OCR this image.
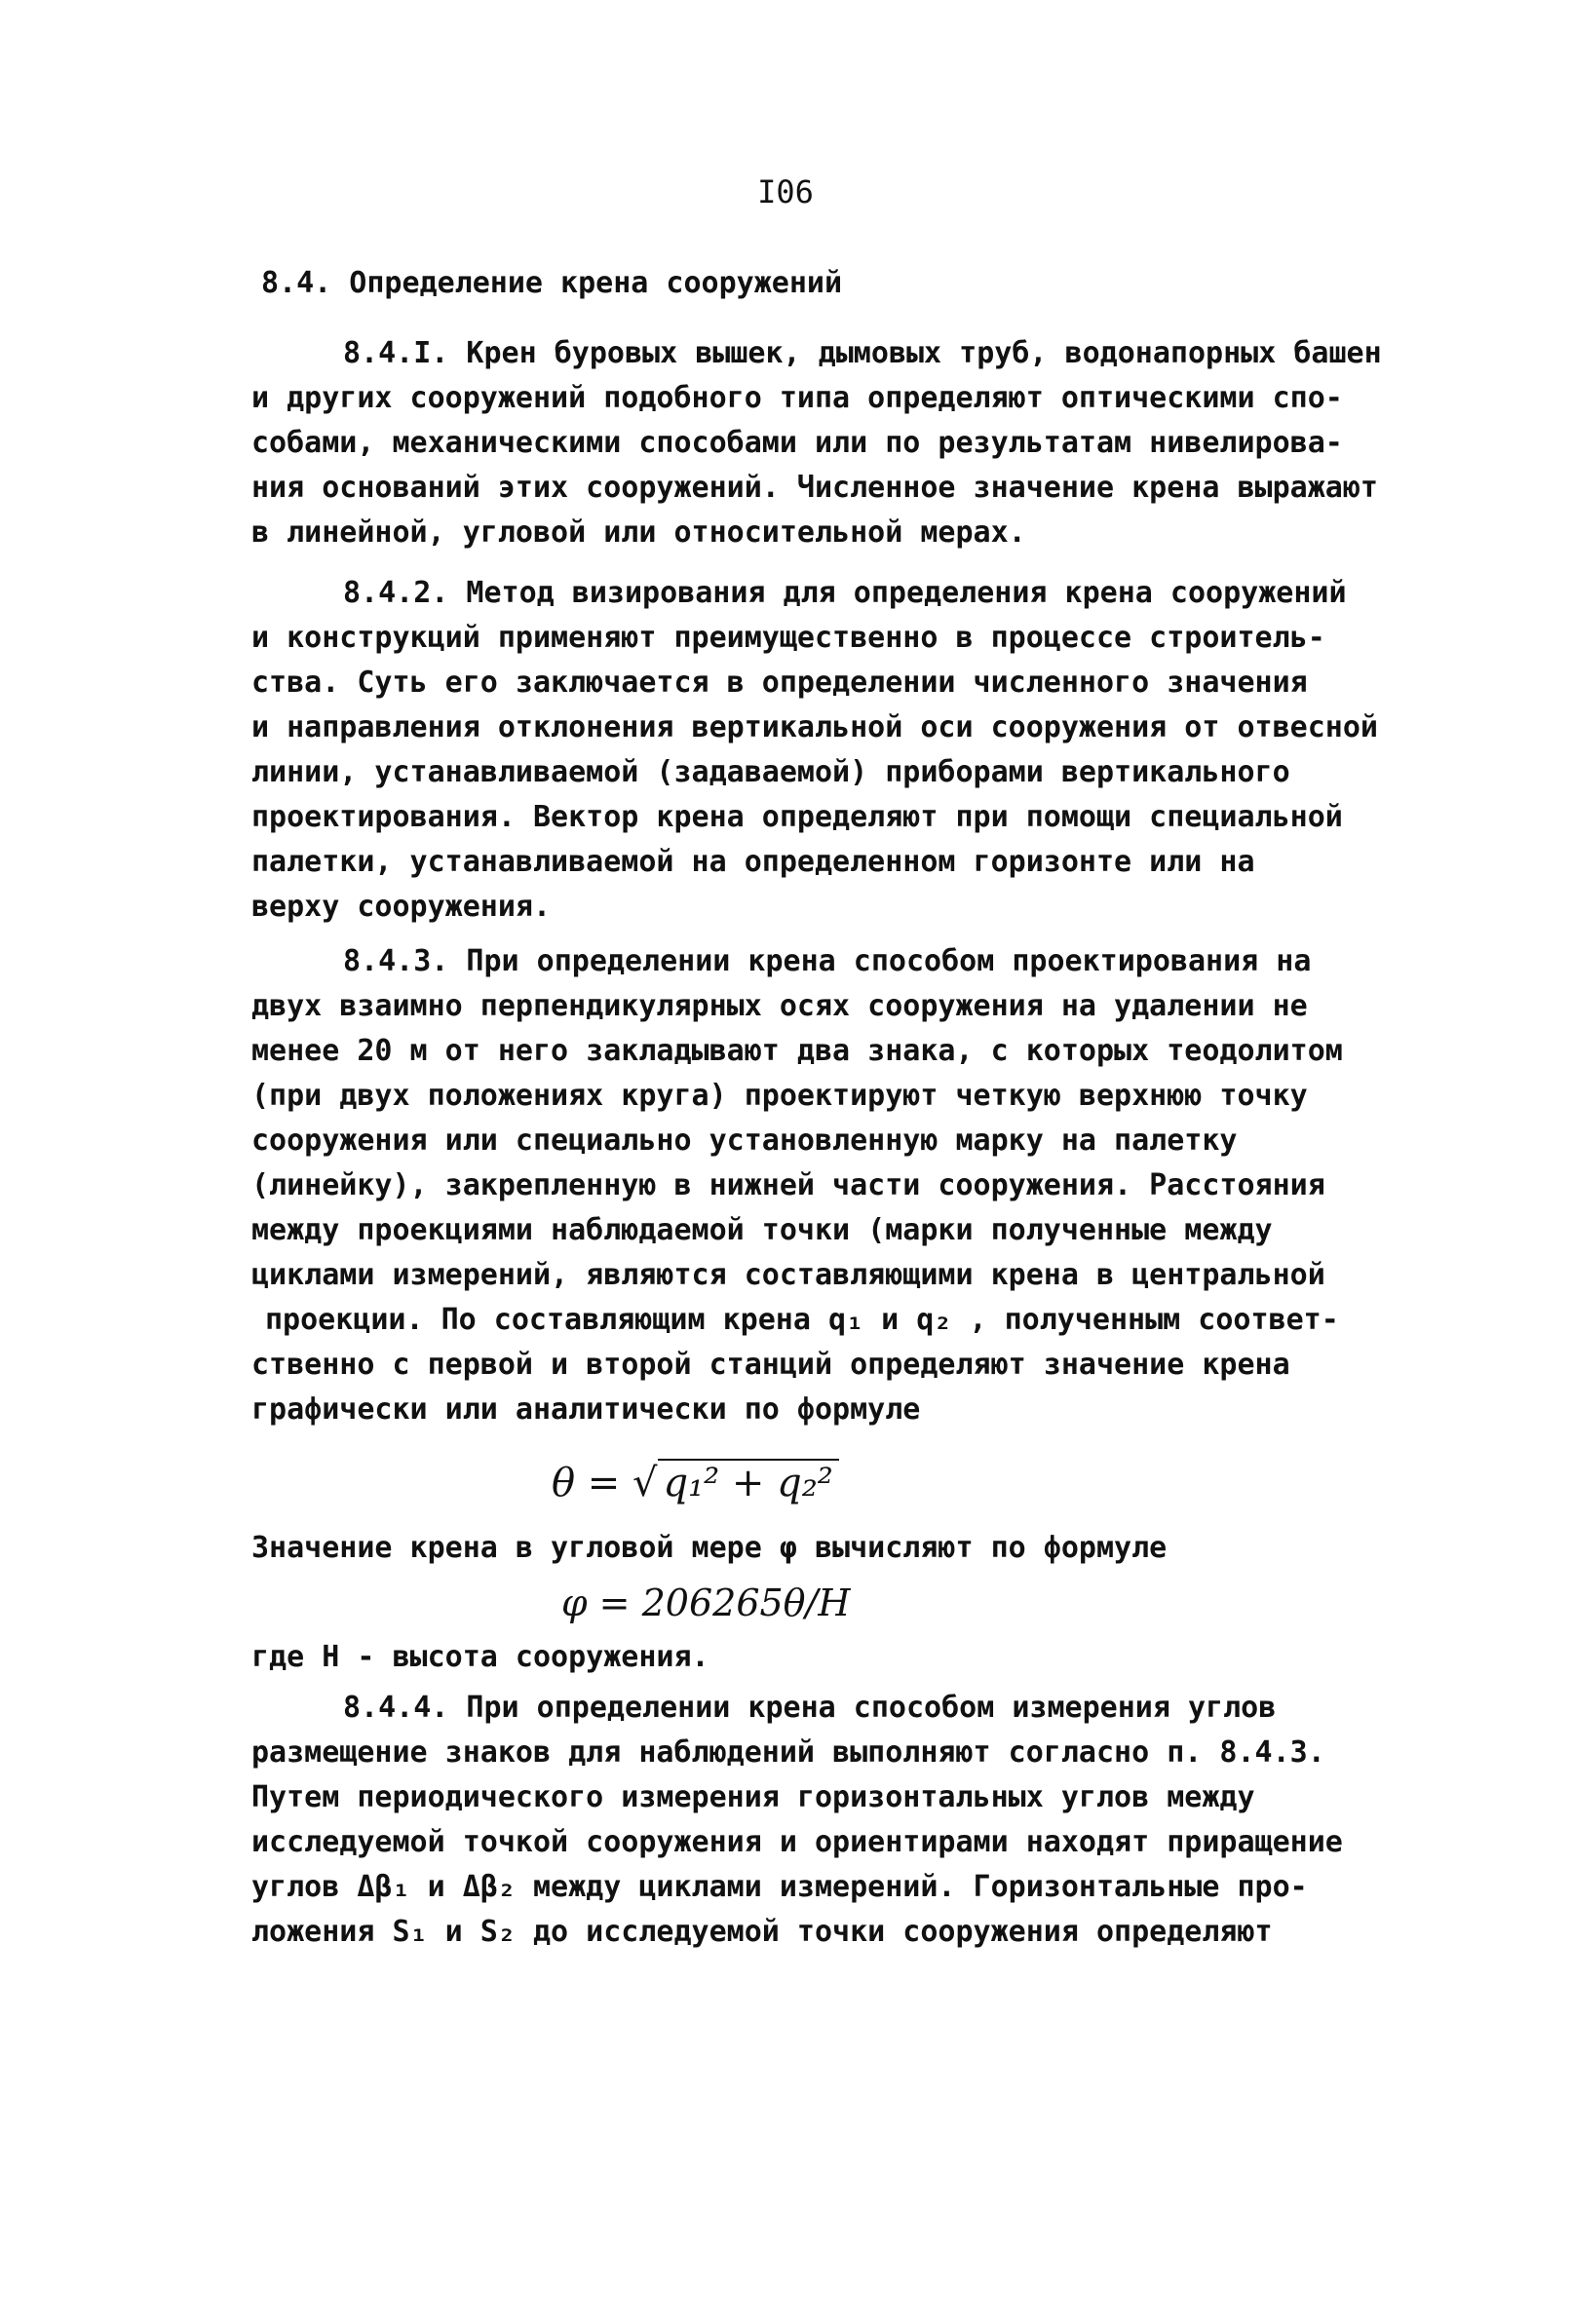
I06
8.4. Определение крена сооружений
8.4.I. Крен буровых вышек, дымовых труб, водонапорных башен
и других сооружений подобного типа определяют оптическими спо-
собами, механическими способами или по результатам нивелирова-
ния оснований этих сооружений. Численное значение крена выражают
в линейной, угловой или относительной мерах.
8.4.2. Метод визирования для определения крена сооружений
и конструкций применяют преимущественно в процессе строитель-
ства. Суть его заключается в определении численного значения
и направления отклонения вертикальной оси сооружения от отвесной
линии, устанавливаемой (задаваемой) приборами вертикального
проектирования. Вектор крена определяют при помощи специальной
палетки, устанавливаемой на определенном горизонте или на
верху сооружения.
8.4.3. При определении крена способом проектирования на
двух взаимно перпендикулярных осях сооружения на удалении не
менее 20 м от него закладывают два знака, с которых теодолитом
(при двух положениях круга) проектируют четкую верхнюю точку
сооружения или специально установленную марку на палетку
(линейку), закрепленную в нижней части сооружения. Расстояния
между проекциями наблюдаемой точки (марки полученные между
циклами измерений, являются составляющими крена в центральной
проекции. По составляющим крена q₁ и q₂ , полученным соответ-
ственно с первой и второй станций определяют значение крена
графически или аналитически по формуле
θ = √ q₁² + q₂²
Значение крена в угловой мере φ вычисляют по формуле
φ = 206265θ/H
где H - высота сооружения.
8.4.4. При определении крена способом измерения углов
размещение знаков для наблюдений выполняют согласно п. 8.4.3.
Путем периодического измерения горизонтальных углов между
исследуемой точкой сооружения и ориентирами находят приращение
углов Δβ₁ и Δβ₂ между циклами измерений. Горизонтальные про-
ложения S₁ и S₂ до исследуемой точки сооружения определяют
